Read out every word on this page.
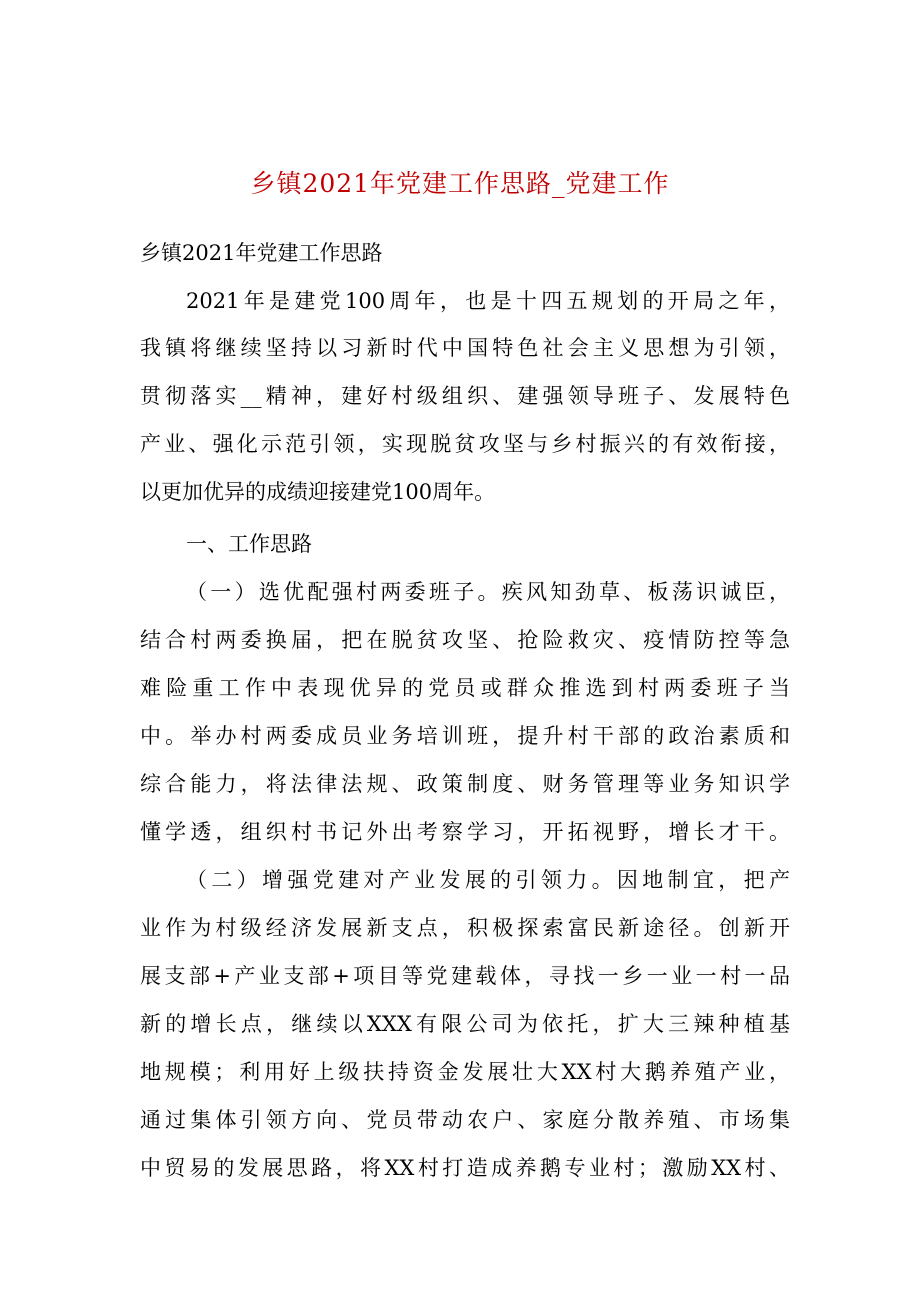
乡镇2021年党建工作思路_党建工作
乡镇2021年党建工作思路
2021年是建党100周年，也是十四五规划的开局之年，
我镇将继续坚持以习新时代中国特色社会主义思想为引领，
贯彻落实__精神，建好村级组织、建强领导班子、发展特色
产业、强化示范引领，实现脱贫攻坚与乡村振兴的有效衔接，
以更加优异的成绩迎接建党100周年。
一、工作思路
（一）选优配强村两委班子。疾风知劲草、板荡识诚臣，
结合村两委换届，把在脱贫攻坚、抢险救灾、疫情防控等急
难险重工作中表现优异的党员或群众推选到村两委班子当
中。举办村两委成员业务培训班，提升村干部的政治素质和
综合能力，将法律法规、政策制度、财务管理等业务知识学
懂学透，组织村书记外出考察学习，开拓视野，增长才干。
（二）增强党建对产业发展的引领力。因地制宜，把产
业作为村级经济发展新支点，积极探索富民新途径。创新开
展支部+产业支部+项目等党建载体，寻找一乡一业一村一品
新的增长点，继续以XXX有限公司为依托，扩大三辣种植基
地规模；利用好上级扶持资金发展壮大XX村大鹅养殖产业，
通过集体引领方向、党员带动农户、家庭分散养殖、市场集
中贸易的发展思路，将XX村打造成养鹅专业村；激励XX村、
